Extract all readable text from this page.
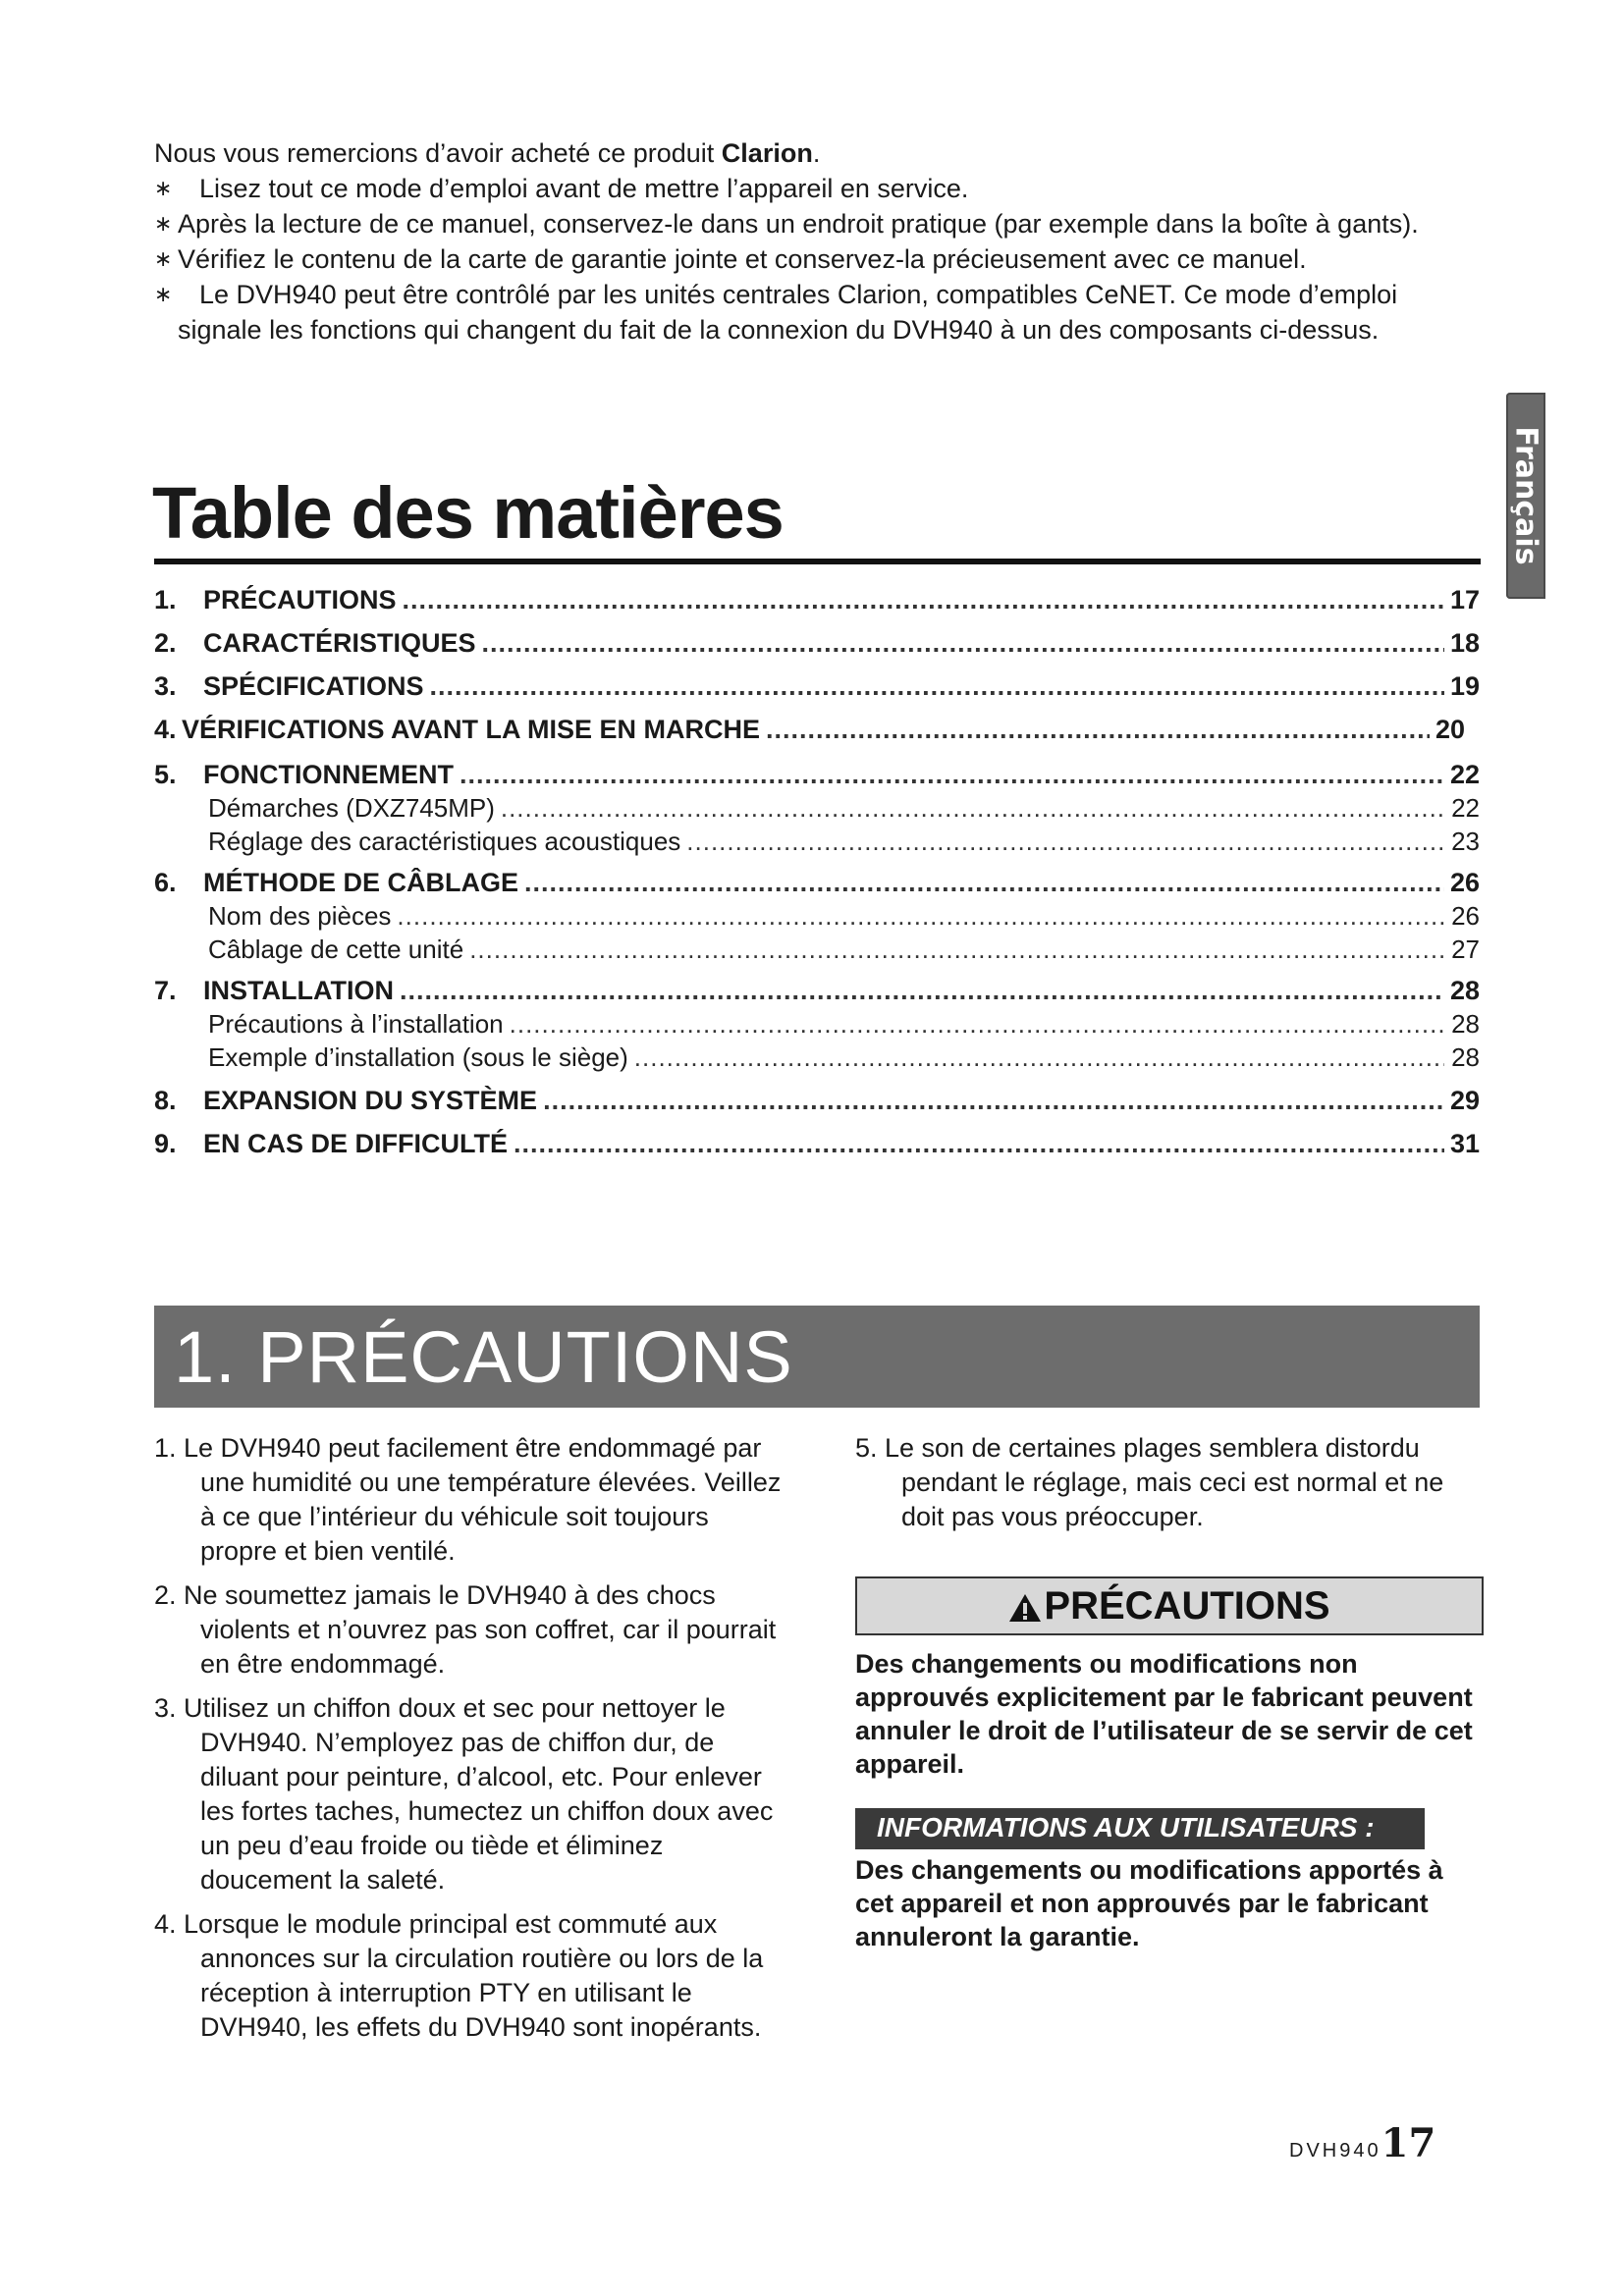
Nous vous remercions d’avoir acheté ce produit Clarion.

∗	Lisez tout ce mode d’emploi avant de mettre l’appareil en service.

∗ Après la lecture de ce manuel, conservez-le dans un endroit pratique (par exemple dans la boîte à gants).

∗ Vérifiez le contenu de la carte de garantie jointe et conservez-la précieusement avec ce manuel.

∗	Le DVH940 peut être contrôlé par les unités centrales Clarion, compatibles CeNET. Ce mode d’emploi signale les fonctions qui changent du fait de la connexion du DVH940 à un des composants ci-dessus.

Français
Table des matières
1.	PRÉCAUTIONS .....	17
2.	CARACTÉRISTIQUES .....	18
3.	SPÉCIFICATIONS .....	19
4. VÉRIFICATIONS AVANT LA MISE EN MARCHE .....	20
5.	FONCTIONNEMENT .....	22
Démarches (DXZ745MP) .....	22
Réglage des caractéristiques acoustiques .....	23
6.	MÉTHODE DE CÂBLAGE .....	26
Nom des pièces .....	26
Câblage de cette unité .....	27
7.	INSTALLATION .....	28
Précautions à l’installation .....	28
Exemple d’installation (sous le siège) .....	28
8.	EXPANSION DU SYSTÈME .....	29
9.	EN CAS DE DIFFICULTÉ .....	31
1. PRÉCAUTIONS
1. Le DVH940 peut facilement être endommagé par une humidité ou une température élevées. Veillez à ce que l’intérieur du véhicule soit toujours propre et bien ventilé.
2. Ne soumettez jamais le DVH940 à des chocs violents et n’ouvrez pas son coffret, car il pourrait en être endommagé.
3. Utilisez un chiffon doux et sec pour nettoyer le DVH940. N’employez pas de chiffon dur, de diluant pour peinture, d’alcool, etc. Pour enlever les fortes taches, humectez un chiffon doux avec un peu d’eau froide ou tiède et éliminez doucement la saleté.
4. Lorsque le module principal est commuté aux annonces sur la circulation routière ou lors de la réception à interruption PTY en utilisant le DVH940, les effets du DVH940 sont inopérants.
5. Le son de certaines plages semblera distordu pendant le réglage, mais ceci est normal et ne doit pas vous préoccuper.
PRÉCAUTIONS
Des changements ou modifications non approuvés explicitement par le fabricant peuvent annuler le droit de l’utilisateur de se servir de cet appareil.
INFORMATIONS AUX UTILISATEURS :
Des changements ou modifications apportés à cet appareil et non approuvés par le fabricant annuleront la garantie.
DVH94017
